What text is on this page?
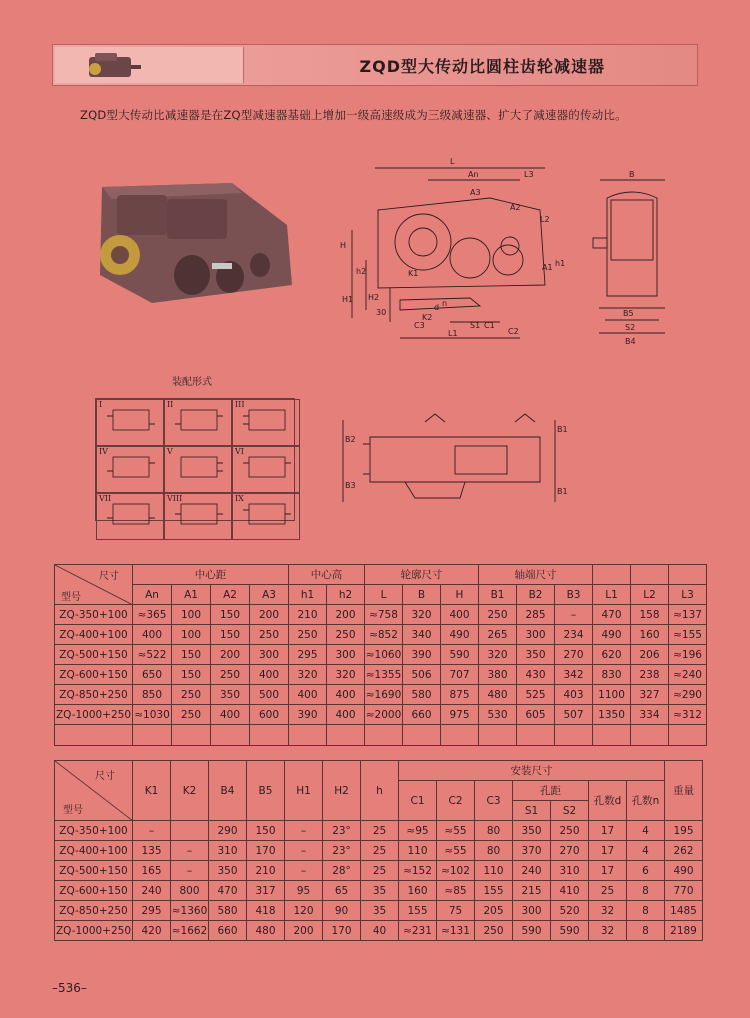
ZQD型大传动比圆柱齿轮减速器
ZQD型大传动比减速器是在ZQ型减速器基础上增加一级高速级成为三级减速器、扩大了减速器的传动比。
L
An	L3
A3
A2
L2
H
h2	A1 h1
H1 H2
K1
K2
d n
30
C3	S1 C1
C2
L1
B
B5
S2
B4
装配形式
I	II	III
IV	V	VI
VII	VIII	IX
B2
B3
B1
B1
尺寸
型号	中心距				中心高		轮廓尺寸			轴端尺寸					
	An	A1	A2	A3	h1	h2	L	B	H	B1	B2	B3	L1	L2	L3
ZQ-350+100	≈365	100	150	200	210	200	≈758	320	400	250	285	–	470	158	≈137
ZQ-400+100	400	100	150	250	250	250	≈852	340	490	265	300	234	490	160	≈155
ZQ-500+150	≈522	150	200	300	295	300	≈1060	390	590	320	350	270	620	206	≈196
ZQ-600+150	650	150	250	400	320	320	≈1355	506	707	380	430	342	830	238	≈240
ZQ-850+250	850	250	350	500	400	400	≈1690	580	875	480	525	403	1100	327	≈290
ZQ-1000+250	≈1030	250	400	600	390	400	≈2000	660	975	530	605	507	1350	334	≈312

尺寸
型号	K1	K2	B4	B5	H1	H2	h	安装尺寸							重量
								C1	C2	C3	孔距		孔数d	孔数n	
											S1	S2			
ZQ-350+100	–		290	150	–	23°	25	≈95	≈55	80	350	250	17	4	195
ZQ-400+100	135	–	310	170	–	23°	25	110	≈55	80	370	270	17	4	262
ZQ-500+150	165	–	350	210	–	28°	25	≈152	≈102	110	240	310	17	6	490
ZQ-600+150	240	800	470	317	95	65	35	160	≈85	155	215	410	25	8	770
ZQ-850+250	295	≈1360	580	418	120	90	35	155	75	205	300	520	32	8	1485
ZQ-1000+250	420	≈1662	660	480	200	170	40	≈231	≈131	250	590	590	32	8	2189
–536–
